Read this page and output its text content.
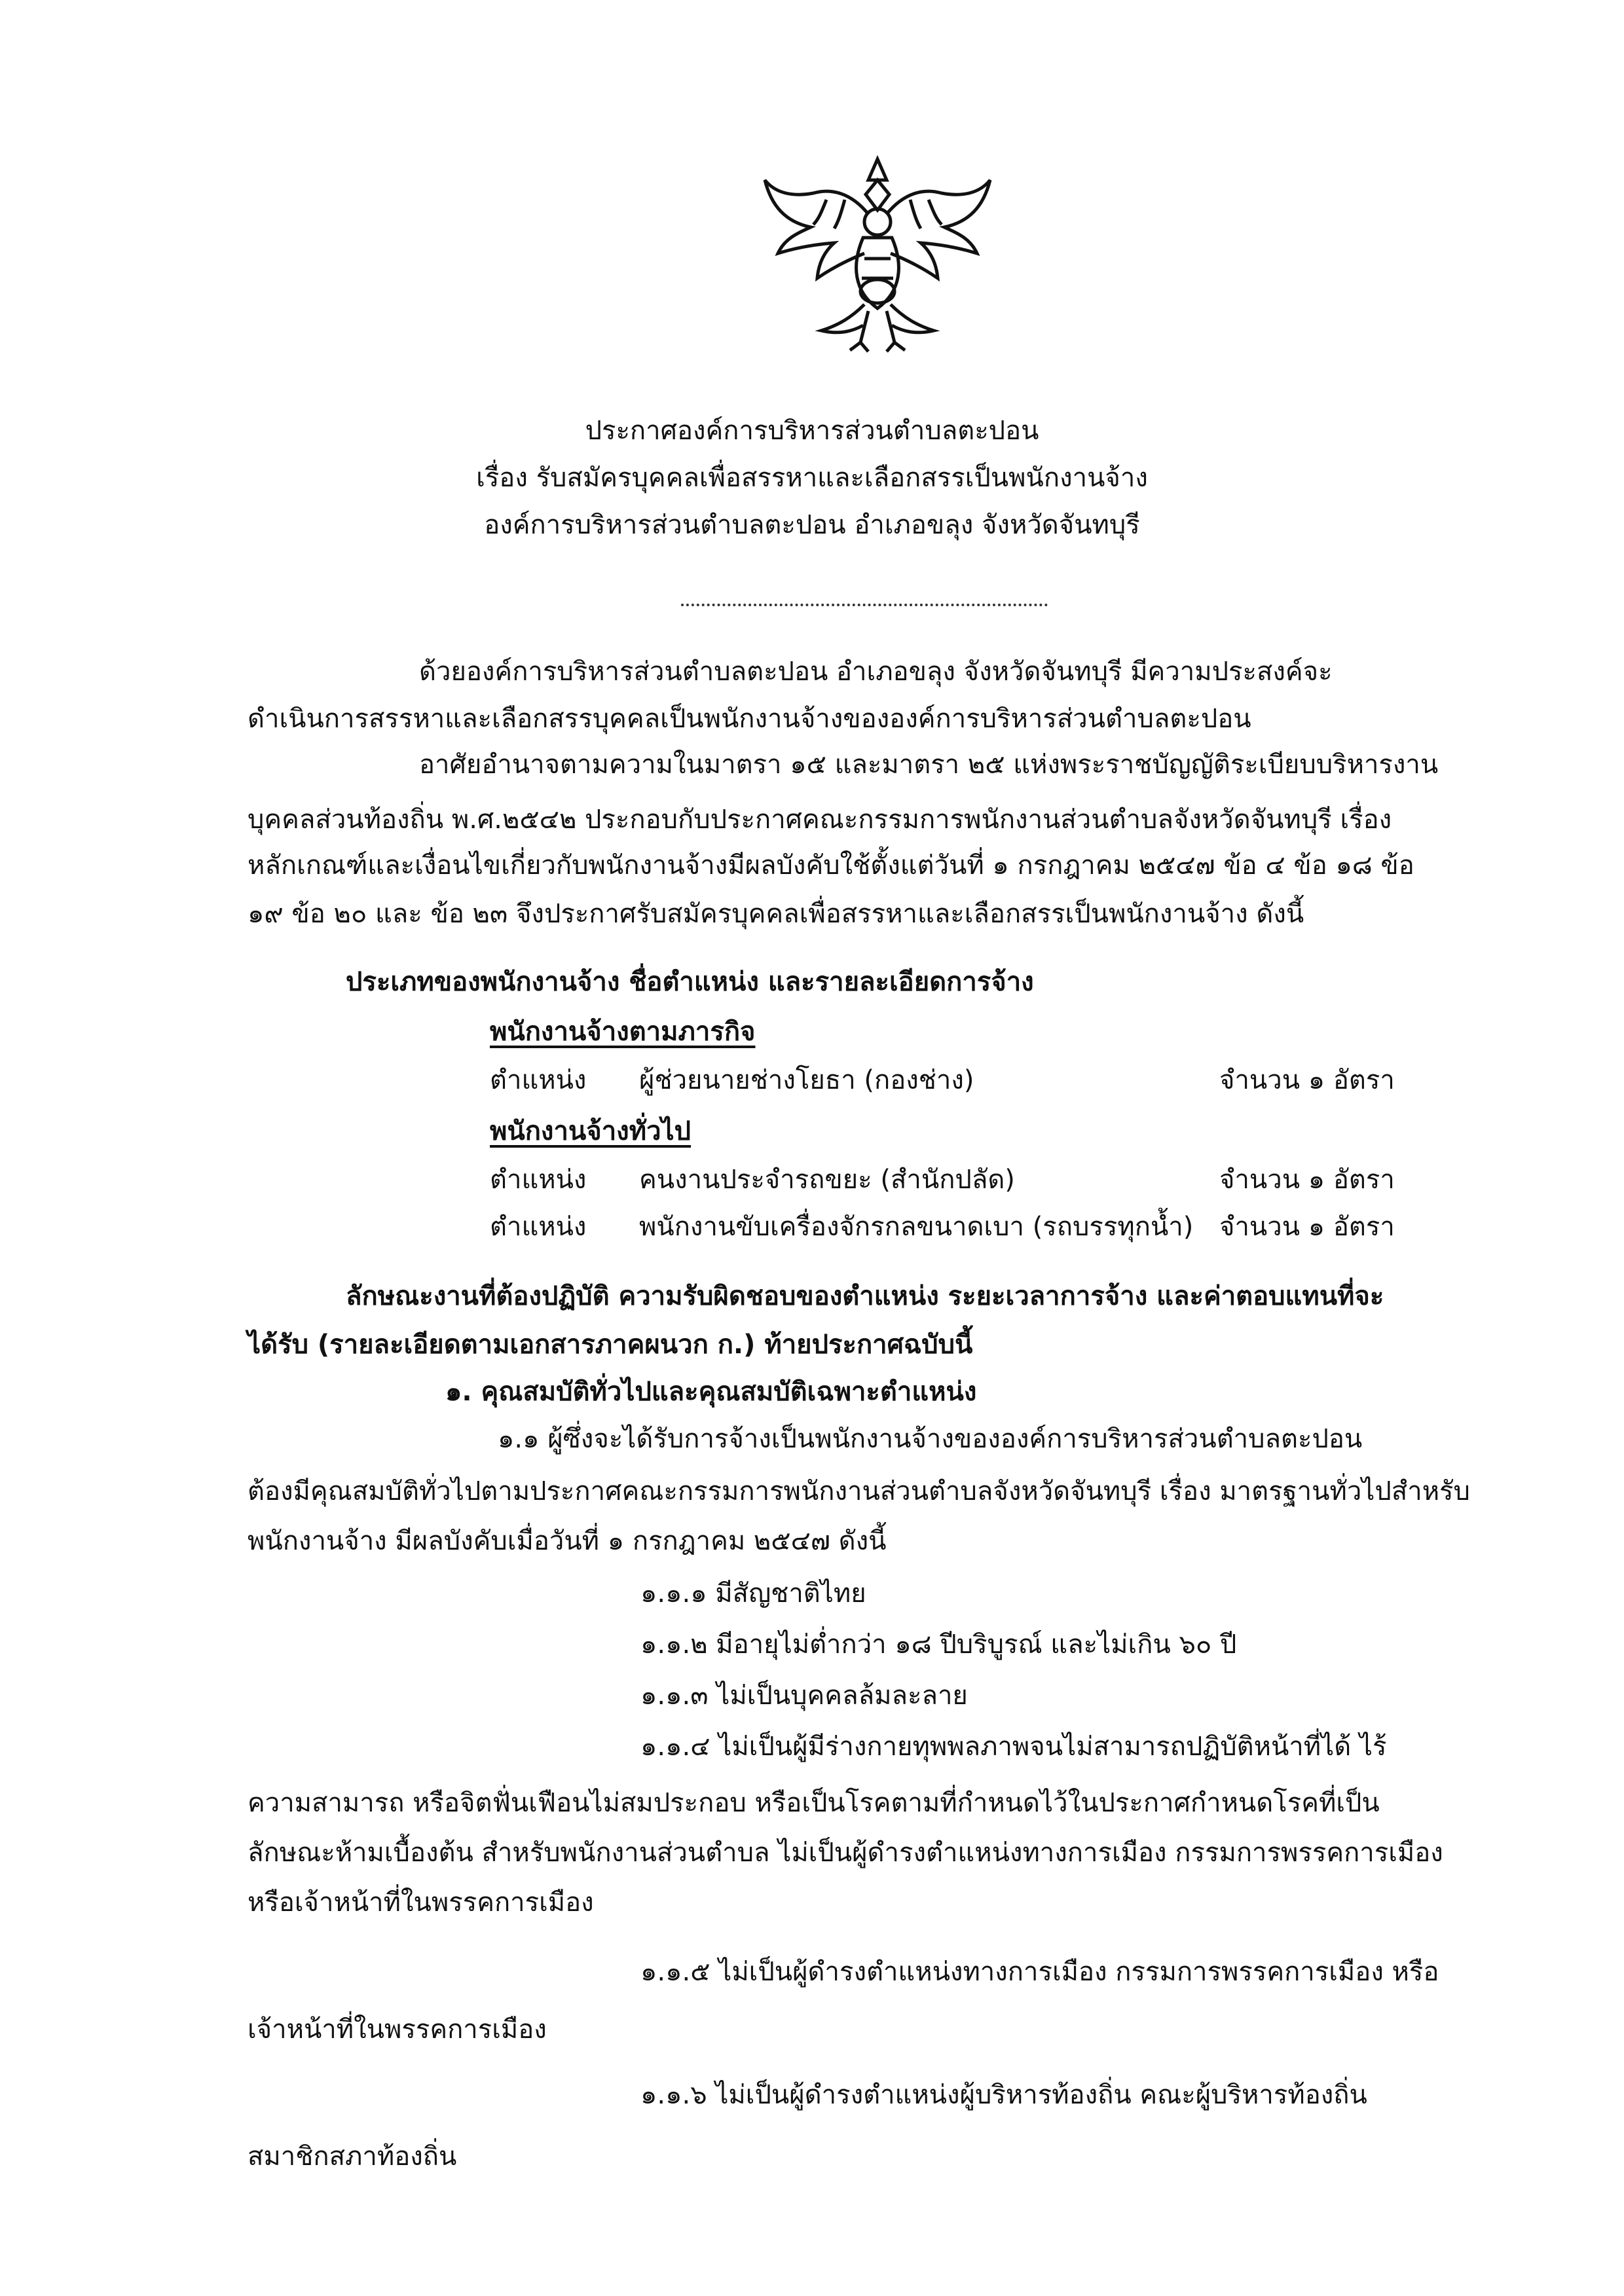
ประกาศองค์การบริหารส่วนตำบลตะปอน
เรื่อง รับสมัครบุคคลเพื่อสรรหาและเลือกสรรเป็นพนักงานจ้าง
องค์การบริหารส่วนตำบลตะปอน อำเภอขลุง จังหวัดจันทบุรี
ด้วยองค์การบริหารส่วนตำบลตะปอน อำเภอขลุง จังหวัดจันทบุรี มีความประสงค์จะ
ดำเนินการสรรหาและเลือกสรรบุคคลเป็นพนักงานจ้างขององค์การบริหารส่วนตำบลตะปอน
อาศัยอำนาจตามความในมาตรา ๑๕ และมาตรา ๒๕ แห่งพระราชบัญญัติระเบียบบริหารงาน
บุคคลส่วนท้องถิ่น พ.ศ.๒๕๔๒ ประกอบกับประกาศคณะกรรมการพนักงานส่วนตำบลจังหวัดจันทบุรี เรื่อง
หลักเกณฑ์และเงื่อนไขเกี่ยวกับพนักงานจ้างมีผลบังคับใช้ตั้งแต่วันที่ ๑ กรกฎาคม ๒๕๔๗ ข้อ ๔ ข้อ ๑๘ ข้อ
๑๙ ข้อ ๒๐ และ ข้อ ๒๓ จึงประกาศรับสมัครบุคคลเพื่อสรรหาและเลือกสรรเป็นพนักงานจ้าง ดังนี้
ประเภทของพนักงานจ้าง ชื่อตำแหน่ง และรายละเอียดการจ้าง
พนักงานจ้างตามภารกิจ
ตำแหน่ง ผู้ช่วยนายช่างโยธา (กองช่าง)	จำนวน ๑ อัตรา
พนักงานจ้างทั่วไป
ตำแหน่ง คนงานประจำรถขยะ (สำนักปลัด)	จำนวน ๑ อัตรา
ตำแหน่ง พนักงานขับเครื่องจักรกลขนาดเบา (รถบรรทุกน้ำ) จำนวน ๑ อัตรา
ลักษณะงานที่ต้องปฏิบัติ ความรับผิดชอบของตำแหน่ง ระยะเวลาการจ้าง และค่าตอบแทนที่จะ
ได้รับ (รายละเอียดตามเอกสารภาคผนวก ก.) ท้ายประกาศฉบับนี้
๑. คุณสมบัติทั่วไปและคุณสมบัติเฉพาะตำแหน่ง
๑.๑ ผู้ซึ่งจะได้รับการจ้างเป็นพนักงานจ้างขององค์การบริหารส่วนตำบลตะปอน
ต้องมีคุณสมบัติทั่วไปตามประกาศคณะกรรมการพนักงานส่วนตำบลจังหวัดจันทบุรี เรื่อง มาตรฐานทั่วไปสำหรับ
พนักงานจ้าง มีผลบังคับเมื่อวันที่ ๑ กรกฎาคม ๒๕๔๗ ดังนี้
๑.๑.๑ มีสัญชาติไทย
๑.๑.๒ มีอายุไม่ต่ำกว่า ๑๘ ปีบริบูรณ์ และไม่เกิน ๖๐ ปี
๑.๑.๓ ไม่เป็นบุคคลล้มละลาย
๑.๑.๔ ไม่เป็นผู้มีร่างกายทุพพลภาพจนไม่สามารถปฏิบัติหน้าที่ได้ ไร้
ความสามารถ หรือจิตฟั่นเฟือนไม่สมประกอบ หรือเป็นโรคตามที่กำหนดไว้ในประกาศกำหนดโรคที่เป็น
ลักษณะห้ามเบื้องต้น สำหรับพนักงานส่วนตำบล ไม่เป็นผู้ดำรงตำแหน่งทางการเมือง กรรมการพรรคการเมือง
หรือเจ้าหน้าที่ในพรรคการเมือง
๑.๑.๕ ไม่เป็นผู้ดำรงตำแหน่งทางการเมือง กรรมการพรรคการเมือง หรือ
เจ้าหน้าที่ในพรรคการเมือง
๑.๑.๖ ไม่เป็นผู้ดำรงตำแหน่งผู้บริหารท้องถิ่น คณะผู้บริหารท้องถิ่น
สมาชิกสภาท้องถิ่น
